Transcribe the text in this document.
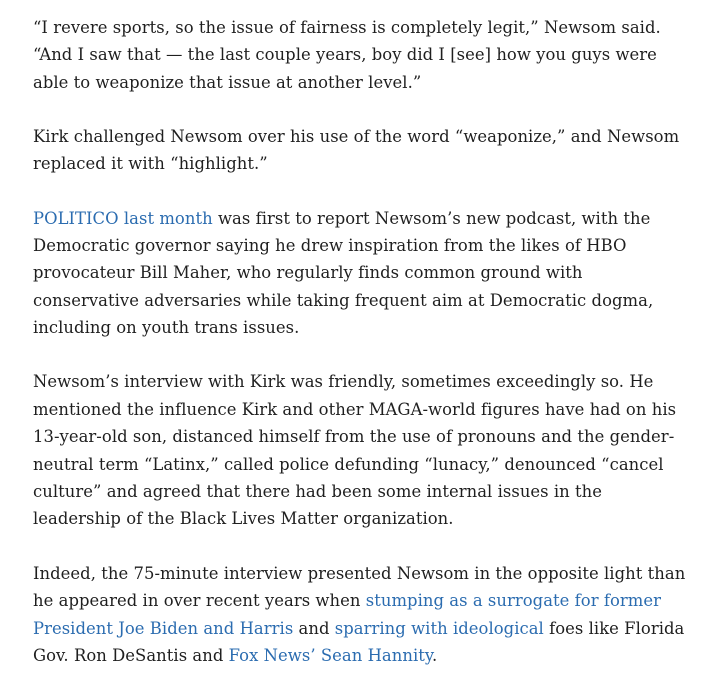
“I revere sports, so the issue of fairness is completely legit,” Newsom said. “And I saw that — the last couple years, boy did I [see] how you guys were able to weaponize that issue at another level.”

Kirk challenged Newsom over his use of the word “weaponize,” and Newsom replaced it with “highlight.”

POLITICO last month was first to report Newsom’s new podcast, with the Democratic governor saying he drew inspiration from the likes of HBO provocateur Bill Maher, who regularly finds common ground with conservative adversaries while taking frequent aim at Democratic dogma, including on youth trans issues.

Newsom’s interview with Kirk was friendly, sometimes exceedingly so. He mentioned the influence Kirk and other MAGA-world figures have had on his 13-year-old son, distanced himself from the use of pronouns and the gender-neutral term “Latinx,” called police defunding “lunacy,” denounced “cancel culture” and agreed that there had been some internal issues in the leadership of the Black Lives Matter organization.

Indeed, the 75-minute interview presented Newsom in the opposite light than he appeared in over recent years when stumping as a surrogate for former President Joe Biden and Harris and sparring with ideological foes like Florida Gov. Ron DeSantis and Fox News’ Sean Hannity.
